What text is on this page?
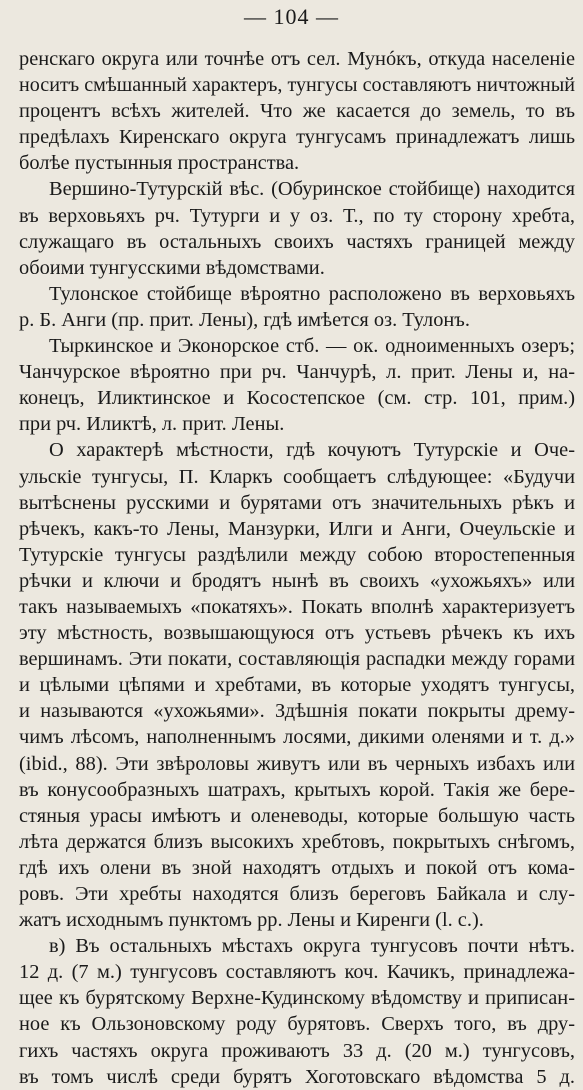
— 104 —
ренскаго округа или точнѣе отъ сел. Мунóкъ, откуда населеніе
носитъ смѣшанный характеръ, тунгусы составляютъ ничтожный
процентъ всѣхъ жителей. Что же касается до земель, то въ
предѣлахъ Киренскаго округа тунгусамъ принадлежатъ лишь
болѣе пустынныя пространства.
Вершино-Тутурскій вѣс. (Обуринское стойбище) находится
въ верховьяхъ рч. Тутурги и у оз. Т., по ту сторону хребта,
служащаго въ остальныхъ своихъ частяхъ границей между
обоими тунгусскими вѣдомствами.
Тулонское стойбище вѣроятно расположено въ верховьяхъ
р. Б. Анги (пр. прит. Лены), гдѣ имѣется оз. Тулонъ.
Тыркинское и Эконорское стб. — ок. одноименныхъ озеръ;
Чанчурское вѣроятно при рч. Чанчурѣ, л. прит. Лены и, на-
конецъ, Иликтинское и Косостепское (см. стр. 101, прим.)
при рч. Иликтѣ, л. прит. Лены.
О характерѣ мѣстности, гдѣ кочуютъ Тутурскіе и Оче-
ульскіе тунгусы, П. Кларкъ сообщаетъ слѣдующее: «Будучи
вытѣснены русскими и бурятами отъ значительныхъ рѣкъ и
рѣчекъ, какъ-то Лены, Манзурки, Илги и Анги, Очеульскіе и
Тутурскіе тунгусы раздѣлили между собою второстепенныя
рѣчки и ключи и бродятъ нынѣ въ своихъ «ухожьяхъ» или
такъ называемыхъ «покатяхъ». Покать вполнѣ характеризуетъ
эту мѣстность, возвышающуюся отъ устьевъ рѣчекъ къ ихъ
вершинамъ. Эти покати, составляющія распадки между горами
и цѣлыми цѣпями и хребтами, въ которые уходятъ тунгусы,
и называются «ухожьями». Здѣшнія покати покрыты дрему-
чимъ лѣсомъ, наполненнымъ лосями, дикими оленями и т. д.»
(ibid., 88). Эти звѣроловы живутъ или въ черныхъ избахъ или
въ конусообразныхъ шатрахъ, крытыхъ корой. Такія же бере-
стяныя урасы имѣютъ и оленеводы, которые большую часть
лѣта держатся близъ высокихъ хребтовъ, покрытыхъ снѣгомъ,
гдѣ ихъ олени въ зной находятъ отдыхъ и покой отъ кома-
ровъ. Эти хребты находятся близъ береговъ Байкала и слу-
жатъ исходнымъ пунктомъ рр. Лены и Киренги (l. c.).
в) Въ остальныхъ мѣстахъ округа тунгусовъ почти нѣтъ.
12 д. (7 м.) тунгусовъ составляютъ коч. Качикъ, принадлежа-
щее къ бурятскому Верхне-Кудинскому вѣдомству и приписан-
ное къ Ользоновскому роду бурятовъ. Сверхъ того, въ дру-
гихъ частяхъ округа проживаютъ 33 д. (20 м.) тунгусовъ,
въ томъ числѣ среди бурятъ Хоготовскаго вѣдомства 5 д.
